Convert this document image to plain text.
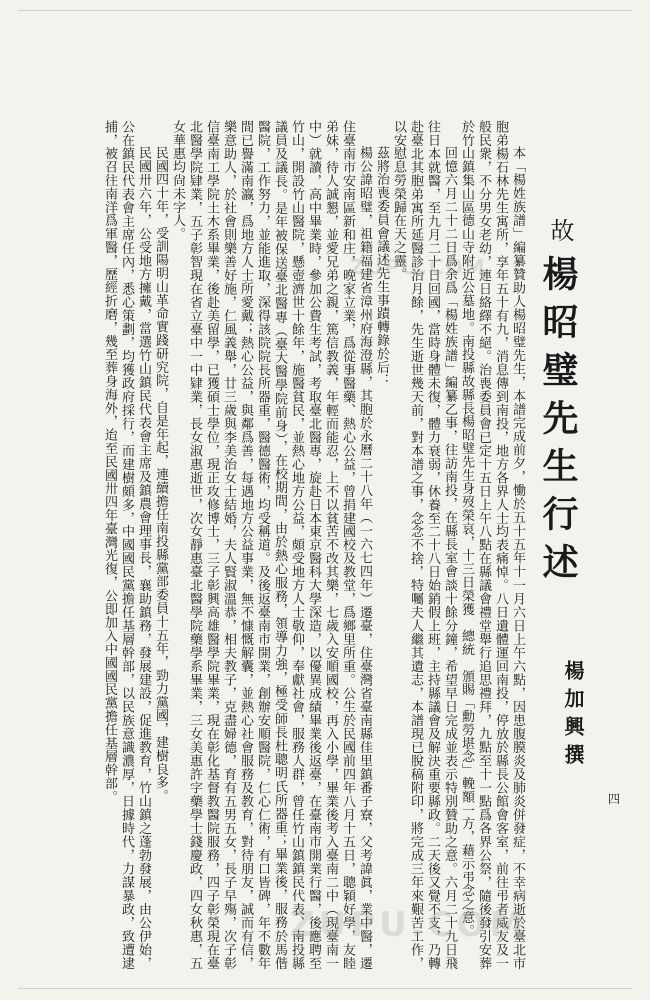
故
楊昭璧先生行述
楊加興撰
四

本「楊姓族譜」編纂贊助人楊昭璧先生，本譜完成前夕，慟於五十五年十一月六日上午六點，因患腹膜炎及肺炎併發症，不幸病逝於臺北市胞弟楊石林先生寓所，享年五十有九，消息傳到南投，地方各界人士均表痛悼。八日遺體運回南投，停放於縣長公館會客室，前往弔者威友及一般民衆，不分男女老幼，連日絡繹不絕。治喪委員會已定十五日上午八點在縣議會禮堂舉行追思禮拜，九點至十一點爲各界公祭，隨後發引安葬於竹山鎮集山區德山寺附近公墓地。南投縣故縣長楊昭璧先生身歿榮哀，十三日榮獲　總統　頒賜「勳勞堪念」輓額一方，藉示弔念之意。

回憶六月二十二日爲余爲「楊姓族譜」編纂乙事，往訪南投，在縣長室會談十餘分鐘，希望早日完成並表示特別贊助之意。六月二十九日飛往日本就醫，至九月二十日回國，當時身體未復，體力衰弱，休養至二十八日始銷假上班，主持縣議會及解決重要縣政。二天後又覺不支，乃轉赴臺北其胞弟寓所延醫診治月餘，先生逝世幾天前，對本譜之事，念念不捨，特囑夫人繼其遺志，本譜現已脫稿附印，將完成三年來艱苦工作，以安慰息勞榮歸在天之靈。

茲將治喪委員會議述先生事蹟轉錄於后：

楊公諱昭璧，祖籍福建省漳州府海澄縣，其胞於永曆二十八年（一六七四年）遷臺，住臺灣省臺南縣佳里鎮番子寮，父考諱眞，業中醫，遷住臺南市安南區新和庄，晚家立業，爲從事醫藥、熱心公益，曾捐建國校及教堂，爲鄉里所重。公生於民國前四年八月十五日，聰穎好學，友睦弟妹，待人誠懇，並愛兄弟之親，篤信教義，年輕而能忍，上不以貧苦不改其樂，七歲入安順國校，再入小學，畢業後考入臺南二中（現臺南一中）就讀，高中畢業時，參加公費生考試，考取臺北醫專，旋赴日本東京醫科大學深造，以優異成績畢業後返臺，在臺南市開業行醫，後應聘至竹山，開設竹山醫院，懸壺濟世十餘年，施醫貧民，並熱心地方公益，頗受地方人士敬仰，奉獻社會，服務人群，曾任竹山鎮鎮民代表、南投縣議員及議長。是年被保送臺北醫專（臺大醫學院前身），在校期間，由於熱心服務，領導力強，極受師長杜聰明氏所器重；畢業後，服務於馬偕醫院，工作努力，並能進取，深得該院院長所器重，醫德醫術，均受稱道。及後返臺南市開業，創辦安順醫院，仁心仁術，有口皆碑，年不數年間已譽滿南瀛，爲地方人士所愛戴；熱心公益，與鄰爲善，每遇地方公益事業，無不慷慨解囊，並熱心社會服務及教育，對待朋友，誠而有信，樂意助人，於社會則樂善好施，仁風義舉，廿三歲與李美治女士結婚，夫人賢淑溫恭，相夫教子，克盡婦德，育有五男五女，長子早殤，次子彰信臺南工學院土木系畢業，後赴美留學，已獲碩士學位，現正攻修博士，三子彰興高雄醫學院畢業，現在彰化基督教醫院服務，四子彰榮現在臺北醫學院肄業，五子彰智現在省立臺中一中肄業，長女淑惠逝世，次女靜惠臺北醫學院藥學系畢業，三女美惠許字藥學士錢慶政，四女秋惠，五女華惠均尙未字人。

民國四十年，受訓陽明山革命實踐研究院，自是年起，連續擔任南投縣黨部委員十五年，勁力黨國，建樹良多。

民國卅六年，公受地方擁戴，當選竹山鎮民代表會主席及鎮農會理事長，襄助鎮務，發展建設，促進教育，竹山鎮之蓬勃發展，由公伊始，公在鎮民代表會主席任內，悉心策劃，均獲政府採行，而建樹頗多，中國國民黨擔任基層幹部，以民族意識濃厚，日據時代，力謀暴政，致遭逮捕，被召往南洋爲軍醫，歷經折磨，幾至葬身海外，迨至民國卅四年臺灣光復，公即加入中國國民黨擔任基層幹部。	ZUPU.COM
ZUPU.COM
